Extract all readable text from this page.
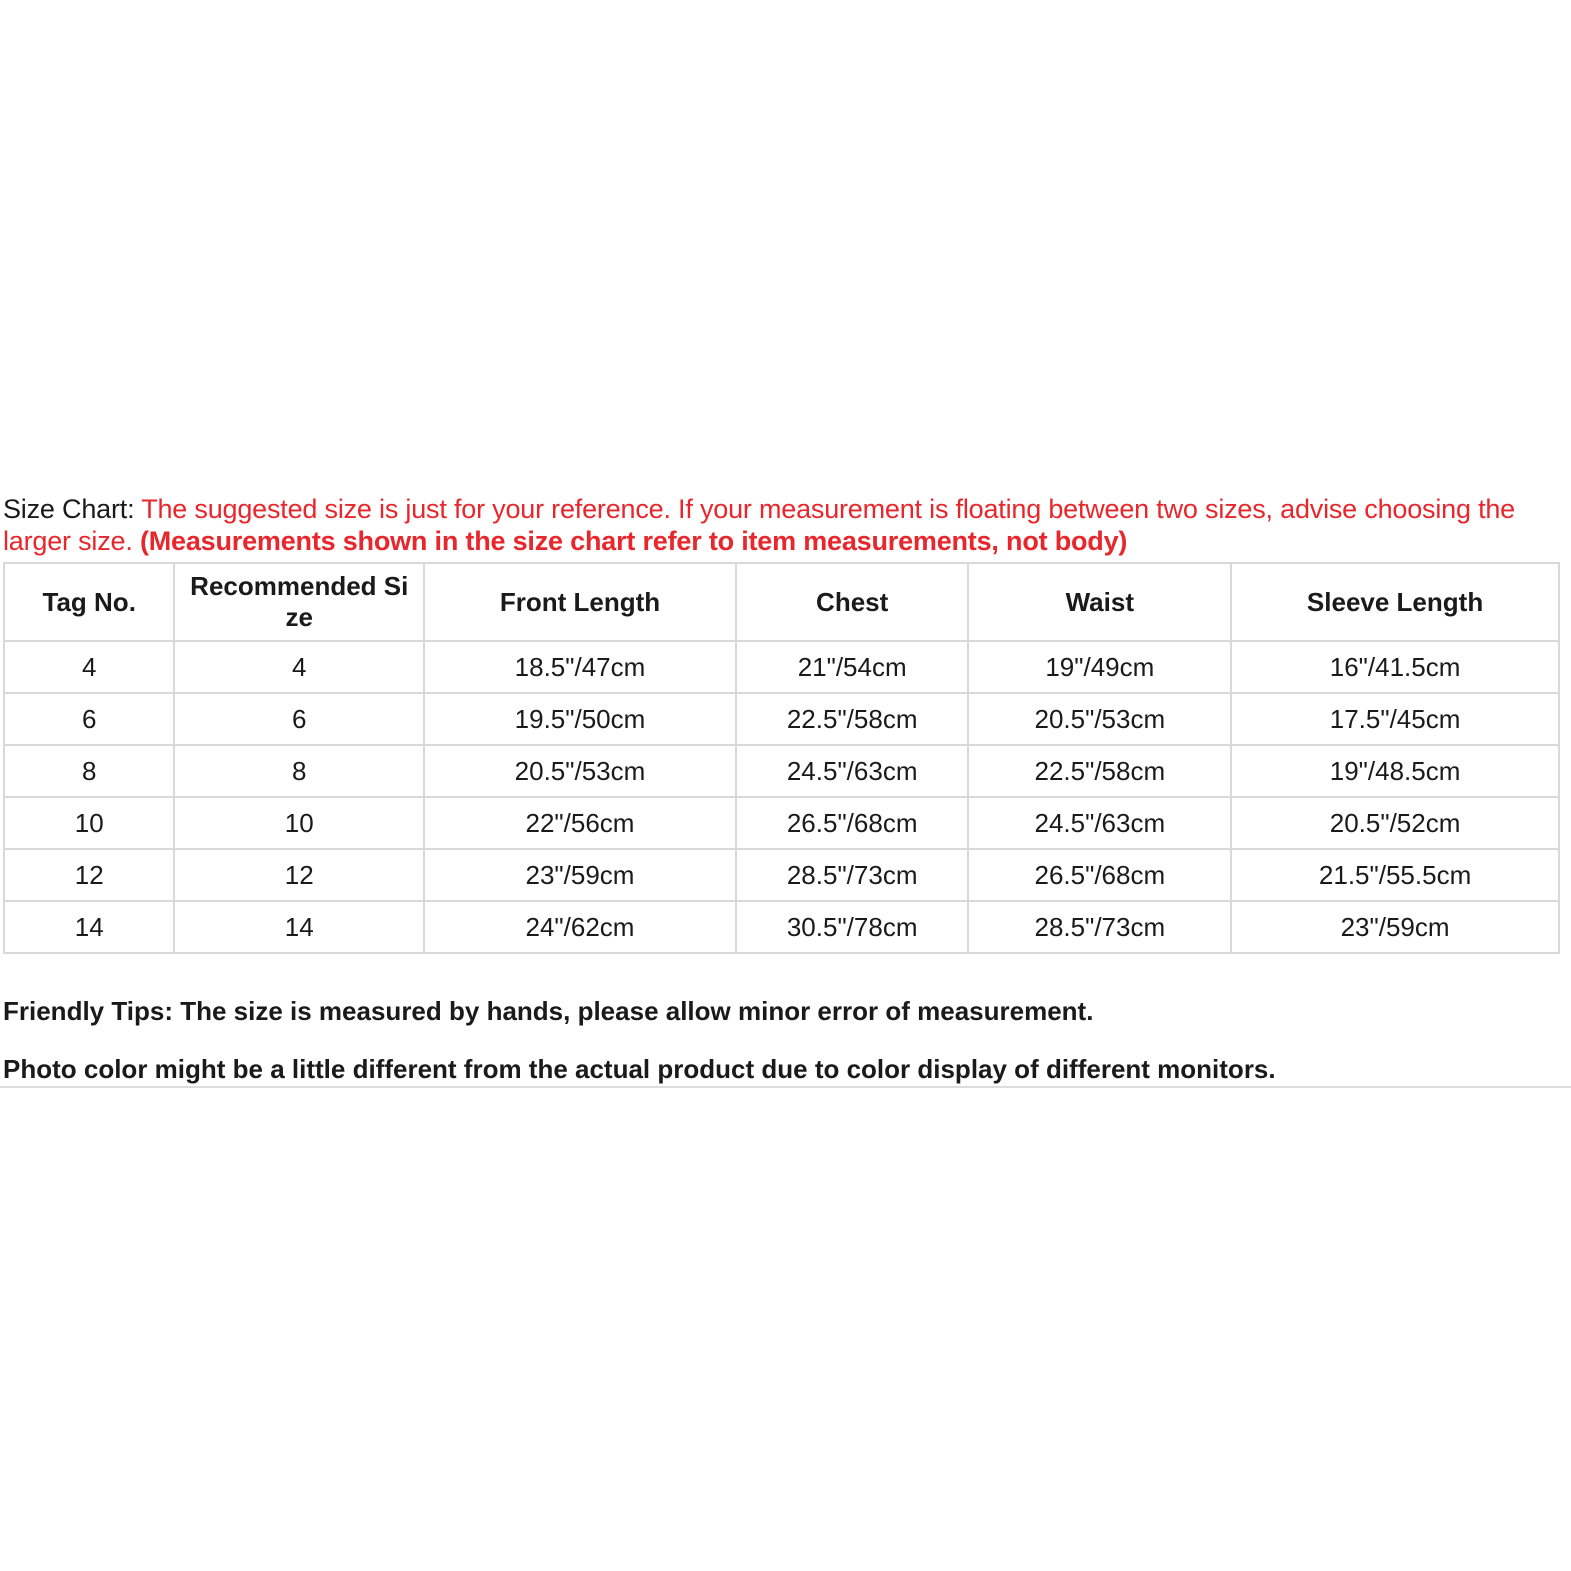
Size Chart: The suggested size is just for your reference. If your measurement is floating between two sizes, advise choosing the larger size. (Measurements shown in the size chart refer to item measurements, not body)
Tag No.	Recommended Si ze	Front Length	Chest	Waist	Sleeve Length
4	4	18.5"/47cm	21"/54cm	19"/49cm	16"/41.5cm
6	6	19.5"/50cm	22.5"/58cm	20.5"/53cm	17.5"/45cm
8	8	20.5"/53cm	24.5"/63cm	22.5"/58cm	19"/48.5cm
10	10	22"/56cm	26.5"/68cm	24.5"/63cm	20.5"/52cm
12	12	23"/59cm	28.5"/73cm	26.5"/68cm	21.5"/55.5cm
14	14	24"/62cm	30.5"/78cm	28.5"/73cm	23"/59cm

Friendly Tips: The size is measured by hands, please allow minor error of measurement.

Photo color might be a little different from the actual product due to color display of different monitors.
